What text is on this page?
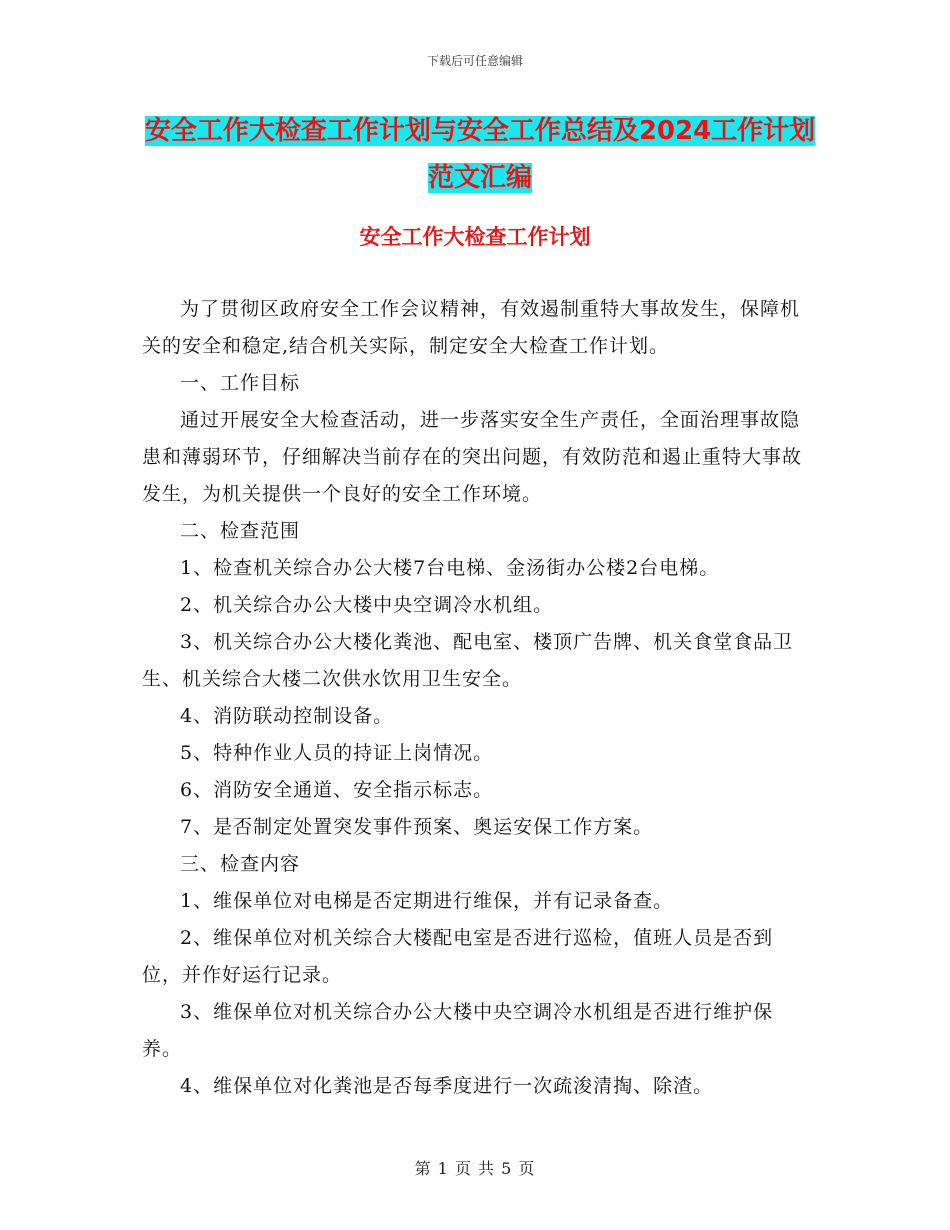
下载后可任意编辑
安全工作大检查工作计划与安全工作总结及2024工作计划范文汇编
安全工作大检查工作计划

为了贯彻区政府安全工作会议精神，有效遏制重特大事故发生，保障机关的安全和稳定,结合机关实际，制定安全大检查工作计划。

一、工作目标

通过开展安全大检查活动，进一步落实安全生产责任，全面治理事故隐患和薄弱环节，仔细解决当前存在的突出问题，有效防范和遏止重特大事故发生，为机关提供一个良好的安全工作环境。

二、检查范围

1、检查机关综合办公大楼7台电梯、金汤街办公楼2台电梯。

2、机关综合办公大楼中央空调冷水机组。

3、机关综合办公大楼化粪池、配电室、楼顶广告牌、机关食堂食品卫生、机关综合大楼二次供水饮用卫生安全。

4、消防联动控制设备。

5、特种作业人员的持证上岗情况。

6、消防安全通道、安全指示标志。

7、是否制定处置突发事件预案、奥运安保工作方案。

三、检查内容

1、维保单位对电梯是否定期进行维保，并有记录备查。

2、维保单位对机关综合大楼配电室是否进行巡检，值班人员是否到位，并作好运行记录。

3、维保单位对机关综合办公大楼中央空调冷水机组是否进行维护保养。

4、维保单位对化粪池是否每季度进行一次疏浚清掏、除渣。

第 1 页 共 5 页
